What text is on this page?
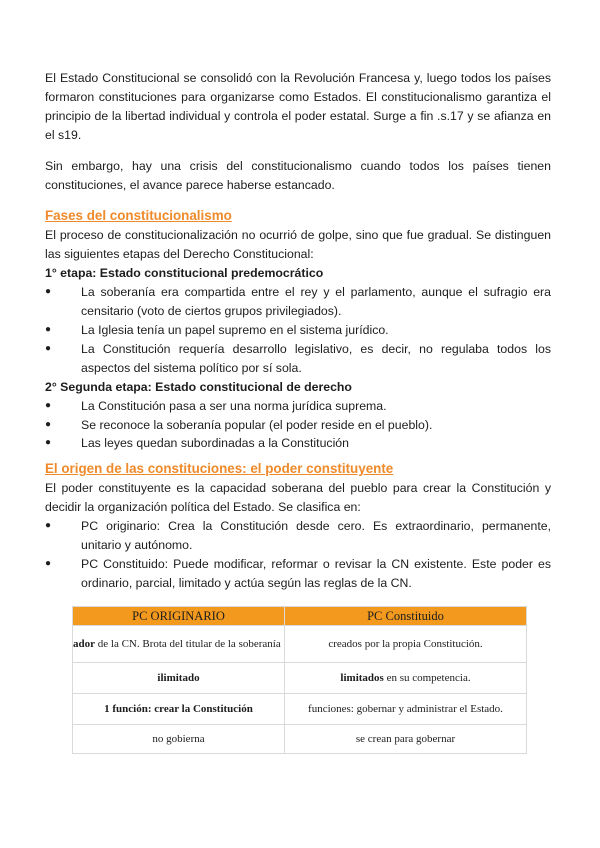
El Estado Constitucional se consolidó con la Revolución Francesa y, luego todos los países formaron constituciones para organizarse como Estados. El constitucionalismo garantiza el principio de la libertad individual y controla el poder estatal. Surge a fin .s.17 y se afianza en el s19.

Sin embargo, hay una crisis del constitucionalismo cuando todos los países tienen constituciones, el avance parece haberse estancado.

Fases del constitucionalismo

El proceso de constitucionalización no ocurrió de golpe, sino que fue gradual. Se distinguen las siguientes etapas del Derecho Constitucional:

1° etapa: Estado constitucional predemocrático

●	La soberanía era compartida entre el rey y el parlamento, aunque el sufragio era censitario (voto de ciertos grupos privilegiados).
●	La Iglesia tenía un papel supremo en el sistema jurídico.
●	La Constitución requería desarrollo legislativo, es decir, no regulaba todos los aspectos del sistema político por sí sola.

2° Segunda etapa: Estado constitucional de derecho

●	La Constitución pasa a ser una norma jurídica suprema.
●	Se reconoce la soberanía popular (el poder reside en el pueblo).
●	Las leyes quedan subordinadas a la Constitución

El origen de las constituciones: el poder constituyente

El poder constituyente es la capacidad soberana del pueblo para crear la Constitución y decidir la organización política del Estado. Se clasifica en:

●	PC originario: Crea la Constitución desde cero. Es extraordinario, permanente, unitario y autónomo.
●	PC Constituido: Puede modificar, reformar o revisar la CN existente. Este poder es ordinario, parcial, limitado y actúa según las reglas de la CN.
PC ORIGINARIO	PC Constituido
ador de la CN. Brota del titular de la soberanía	creados por la propia Constitución.
ilimitado	limitados en su competencia.
1 función: crear la Constitución	funciones: gobernar y administrar el Estado.
no gobierna	se crean para gobernar
